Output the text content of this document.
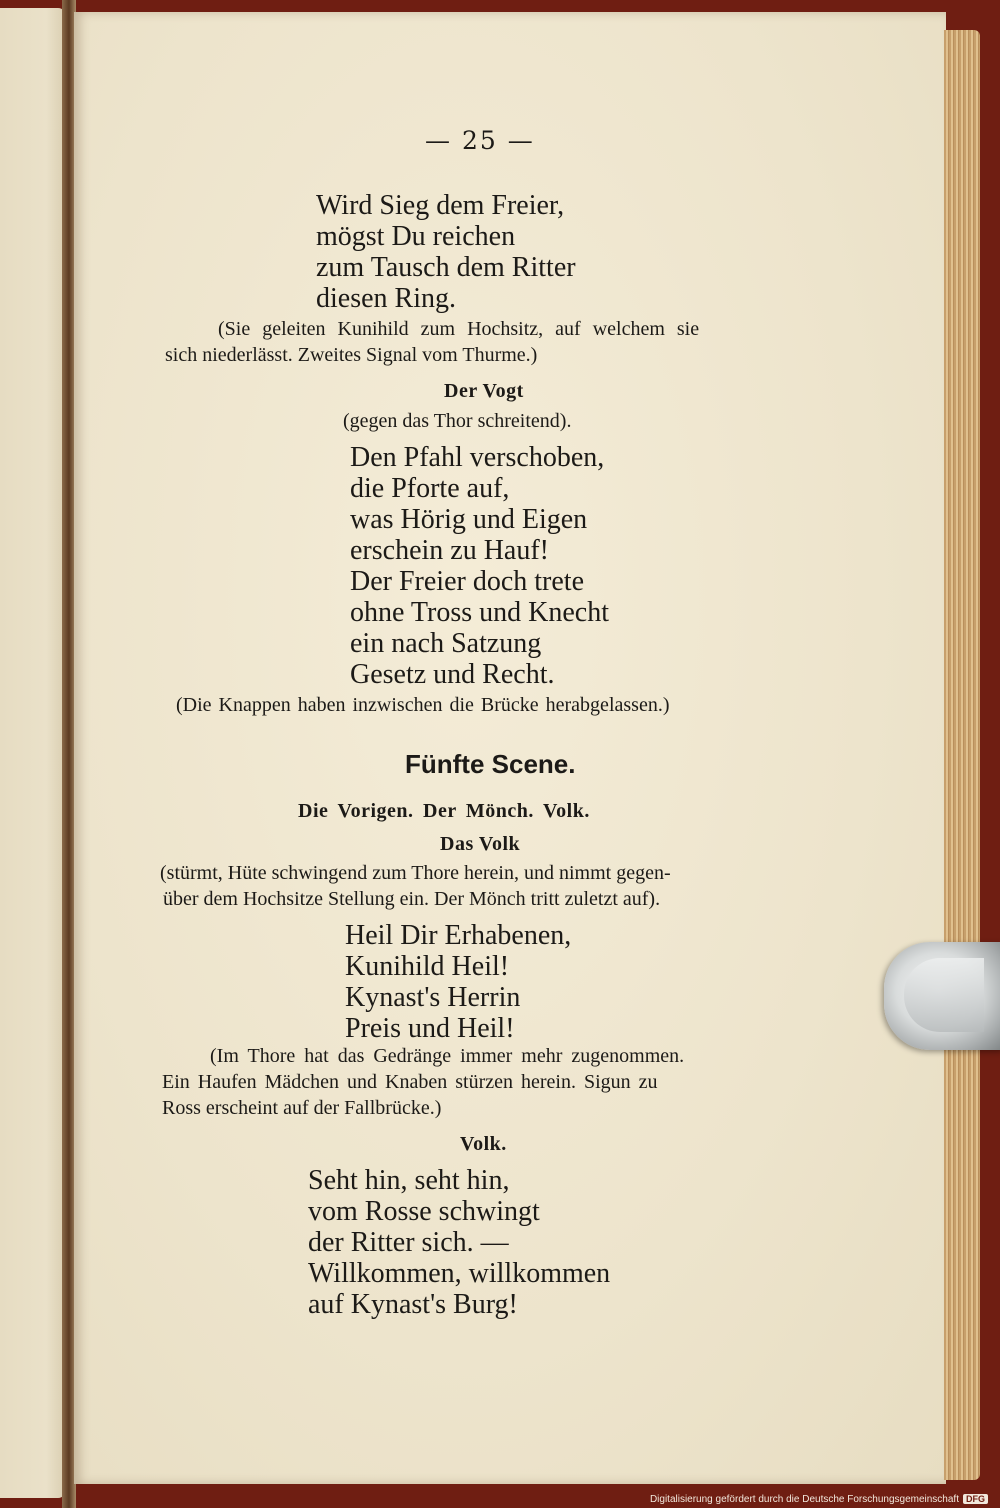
— 25 —
Wird Sieg dem Freier,
mögst Du reichen
zum Tausch dem Ritter
diesen Ring.
(Sie geleiten Kunihild zum Hochsitz, auf welchem sie
sich niederlässt. Zweites Signal vom Thurme.)
Der Vogt
(gegen das Thor schreitend).
Den Pfahl verschoben,
die Pforte auf,
was Hörig und Eigen
erschein zu Hauf!
Der Freier doch trete
ohne Tross und Knecht
ein nach Satzung
Gesetz und Recht.
(Die Knappen haben inzwischen die Brücke herabgelassen.)
Fünfte Scene.
Die Vorigen. Der Mönch. Volk.
Das Volk
(stürmt, Hüte schwingend zum Thore herein, und nimmt gegen-
über dem Hochsitze Stellung ein. Der Mönch tritt zuletzt auf).
Heil Dir Erhabenen,
Kunihild Heil!
Kynast's Herrin
Preis und Heil!
(Im Thore hat das Gedränge immer mehr zugenommen.
Ein Haufen Mädchen und Knaben stürzen herein. Sigun zu
Ross erscheint auf der Fallbrücke.)
Volk.
Seht hin, seht hin,
vom Rosse schwingt
der Ritter sich. —
Willkommen, willkommen
auf Kynast's Burg!
Digitalisierung gefördert durch die Deutsche Forschungsgemeinschaft DFG
